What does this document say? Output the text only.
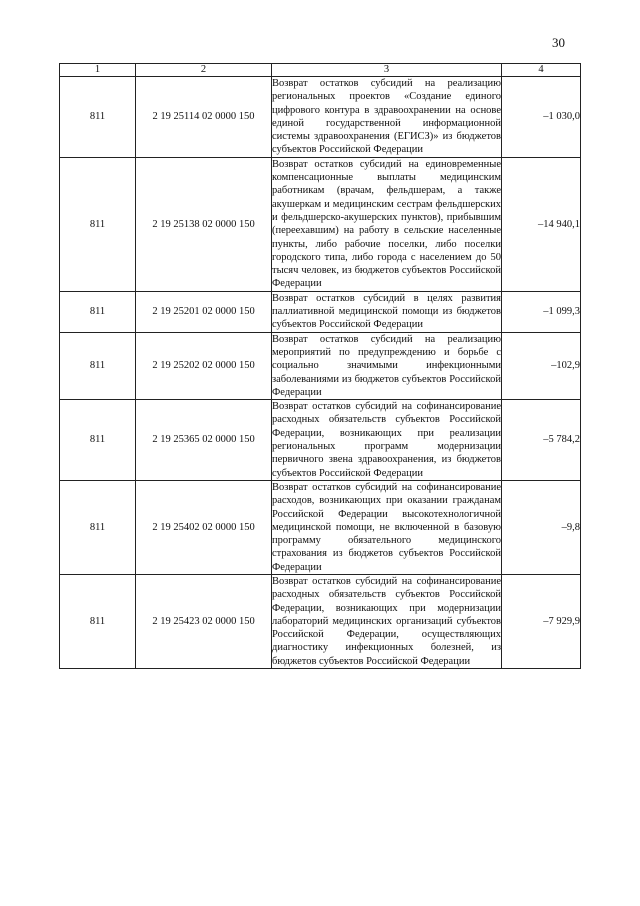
30
1	2	3	4
811	2 19 25114 02 0000 150	Возврат остатков субсидий на реализацию региональных проектов «Создание единого цифрового контура в здравоохранении на основе единой государственной информационной системы здравоохранения (ЕГИСЗ)» из бюджетов субъектов Российской Федерации	–1 030,0
811	2 19 25138 02 0000 150	Возврат остатков субсидий на единовременные компенсационные выплаты медицинским работникам (врачам, фельдшерам, а также акушеркам и медицинским сестрам фельдшерских и фельдшерско-акушерских пунктов), прибывшим (переехавшим) на работу в сельские населенные пункты, либо рабочие поселки, либо поселки городского типа, либо города с населением до 50 тысяч человек, из бюджетов субъектов Российской Федерации	–14 940,1
811	2 19 25201 02 0000 150	Возврат остатков субсидий в целях развития паллиативной медицинской помощи из бюджетов субъектов Российской Федерации	–1 099,3
811	2 19 25202 02 0000 150	Возврат остатков субсидий на реализацию мероприятий по предупреждению и борьбе с социально значимыми инфекционными заболеваниями из бюджетов субъектов Российской Федерации	–102,9
811	2 19 25365 02 0000 150	Возврат остатков субсидий на софинансирование расходных обязательств субъектов Российской Федерации, возникающих при реализации региональных программ модернизации первичного звена здравоохранения, из бюджетов субъектов Российской Федерации	–5 784,2
811	2 19 25402 02 0000 150	Возврат остатков субсидий на софинансирование расходов, возникающих при оказании гражданам Российской Федерации высокотехнологичной медицинской помощи, не включенной в базовую программу обязательного медицинского страхования из бюджетов субъектов Российской Федерации	–9,8
811	2 19 25423 02 0000 150	Возврат остатков субсидий на софинансирование расходных обязательств субъектов Российской Федерации, возникающих при модернизации лабораторий медицинских организаций субъектов Российской Федерации, осуществляющих диагностику инфекционных болезней, из бюджетов субъектов Российской Федерации	–7 929,9
